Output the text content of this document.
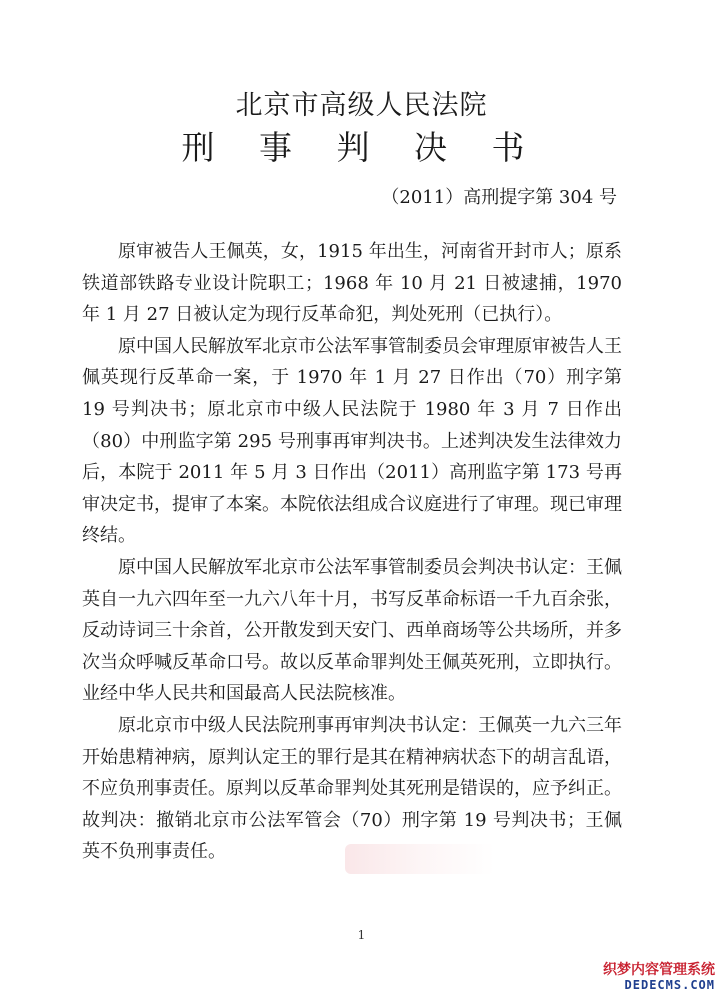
北京市高级人民法院
刑 事 判 决 书
（2011）高刑提字第 304 号

原审被告人王佩英，女，1915 年出生，河南省开封市人；原系铁道部铁路专业设计院职工；1968 年 10 月 21 日被逮捕，1970 年 1 月 27 日被认定为现行反革命犯，判处死刑（已执行）。

原中国人民解放军北京市公法军事管制委员会审理原审被告人王佩英现行反革命一案，于 1970 年 1 月 27 日作出（70）刑字第 19 号判决书；原北京市中级人民法院于 1980 年 3 月 7 日作出（80）中刑监字第 295 号刑事再审判决书。上述判决发生法律效力后，本院于 2011 年 5 月 3 日作出（2011）高刑监字第 173 号再审决定书，提审了本案。本院依法组成合议庭进行了审理。现已审理终结。

原中国人民解放军北京市公法军事管制委员会判决书认定：王佩英自一九六四年至一九六八年十月，书写反革命标语一千九百余张，反动诗词三十余首，公开散发到天安门、西单商场等公共场所，并多次当众呼喊反革命口号。故以反革命罪判处王佩英死刑，立即执行。业经中华人民共和国最高人民法院核准。

原北京市中级人民法院刑事再审判决书认定：王佩英一九六三年开始患精神病，原判认定王的罪行是其在精神病状态下的胡言乱语，不应负刑事责任。原判以反革命罪判处其死刑是错误的，应予纠正。故判决：撤销北京市公法军管会（70）刑字第 19 号判决书；王佩英不负刑事责任。

1
织梦内容管理系统
DEDECMS.COM
